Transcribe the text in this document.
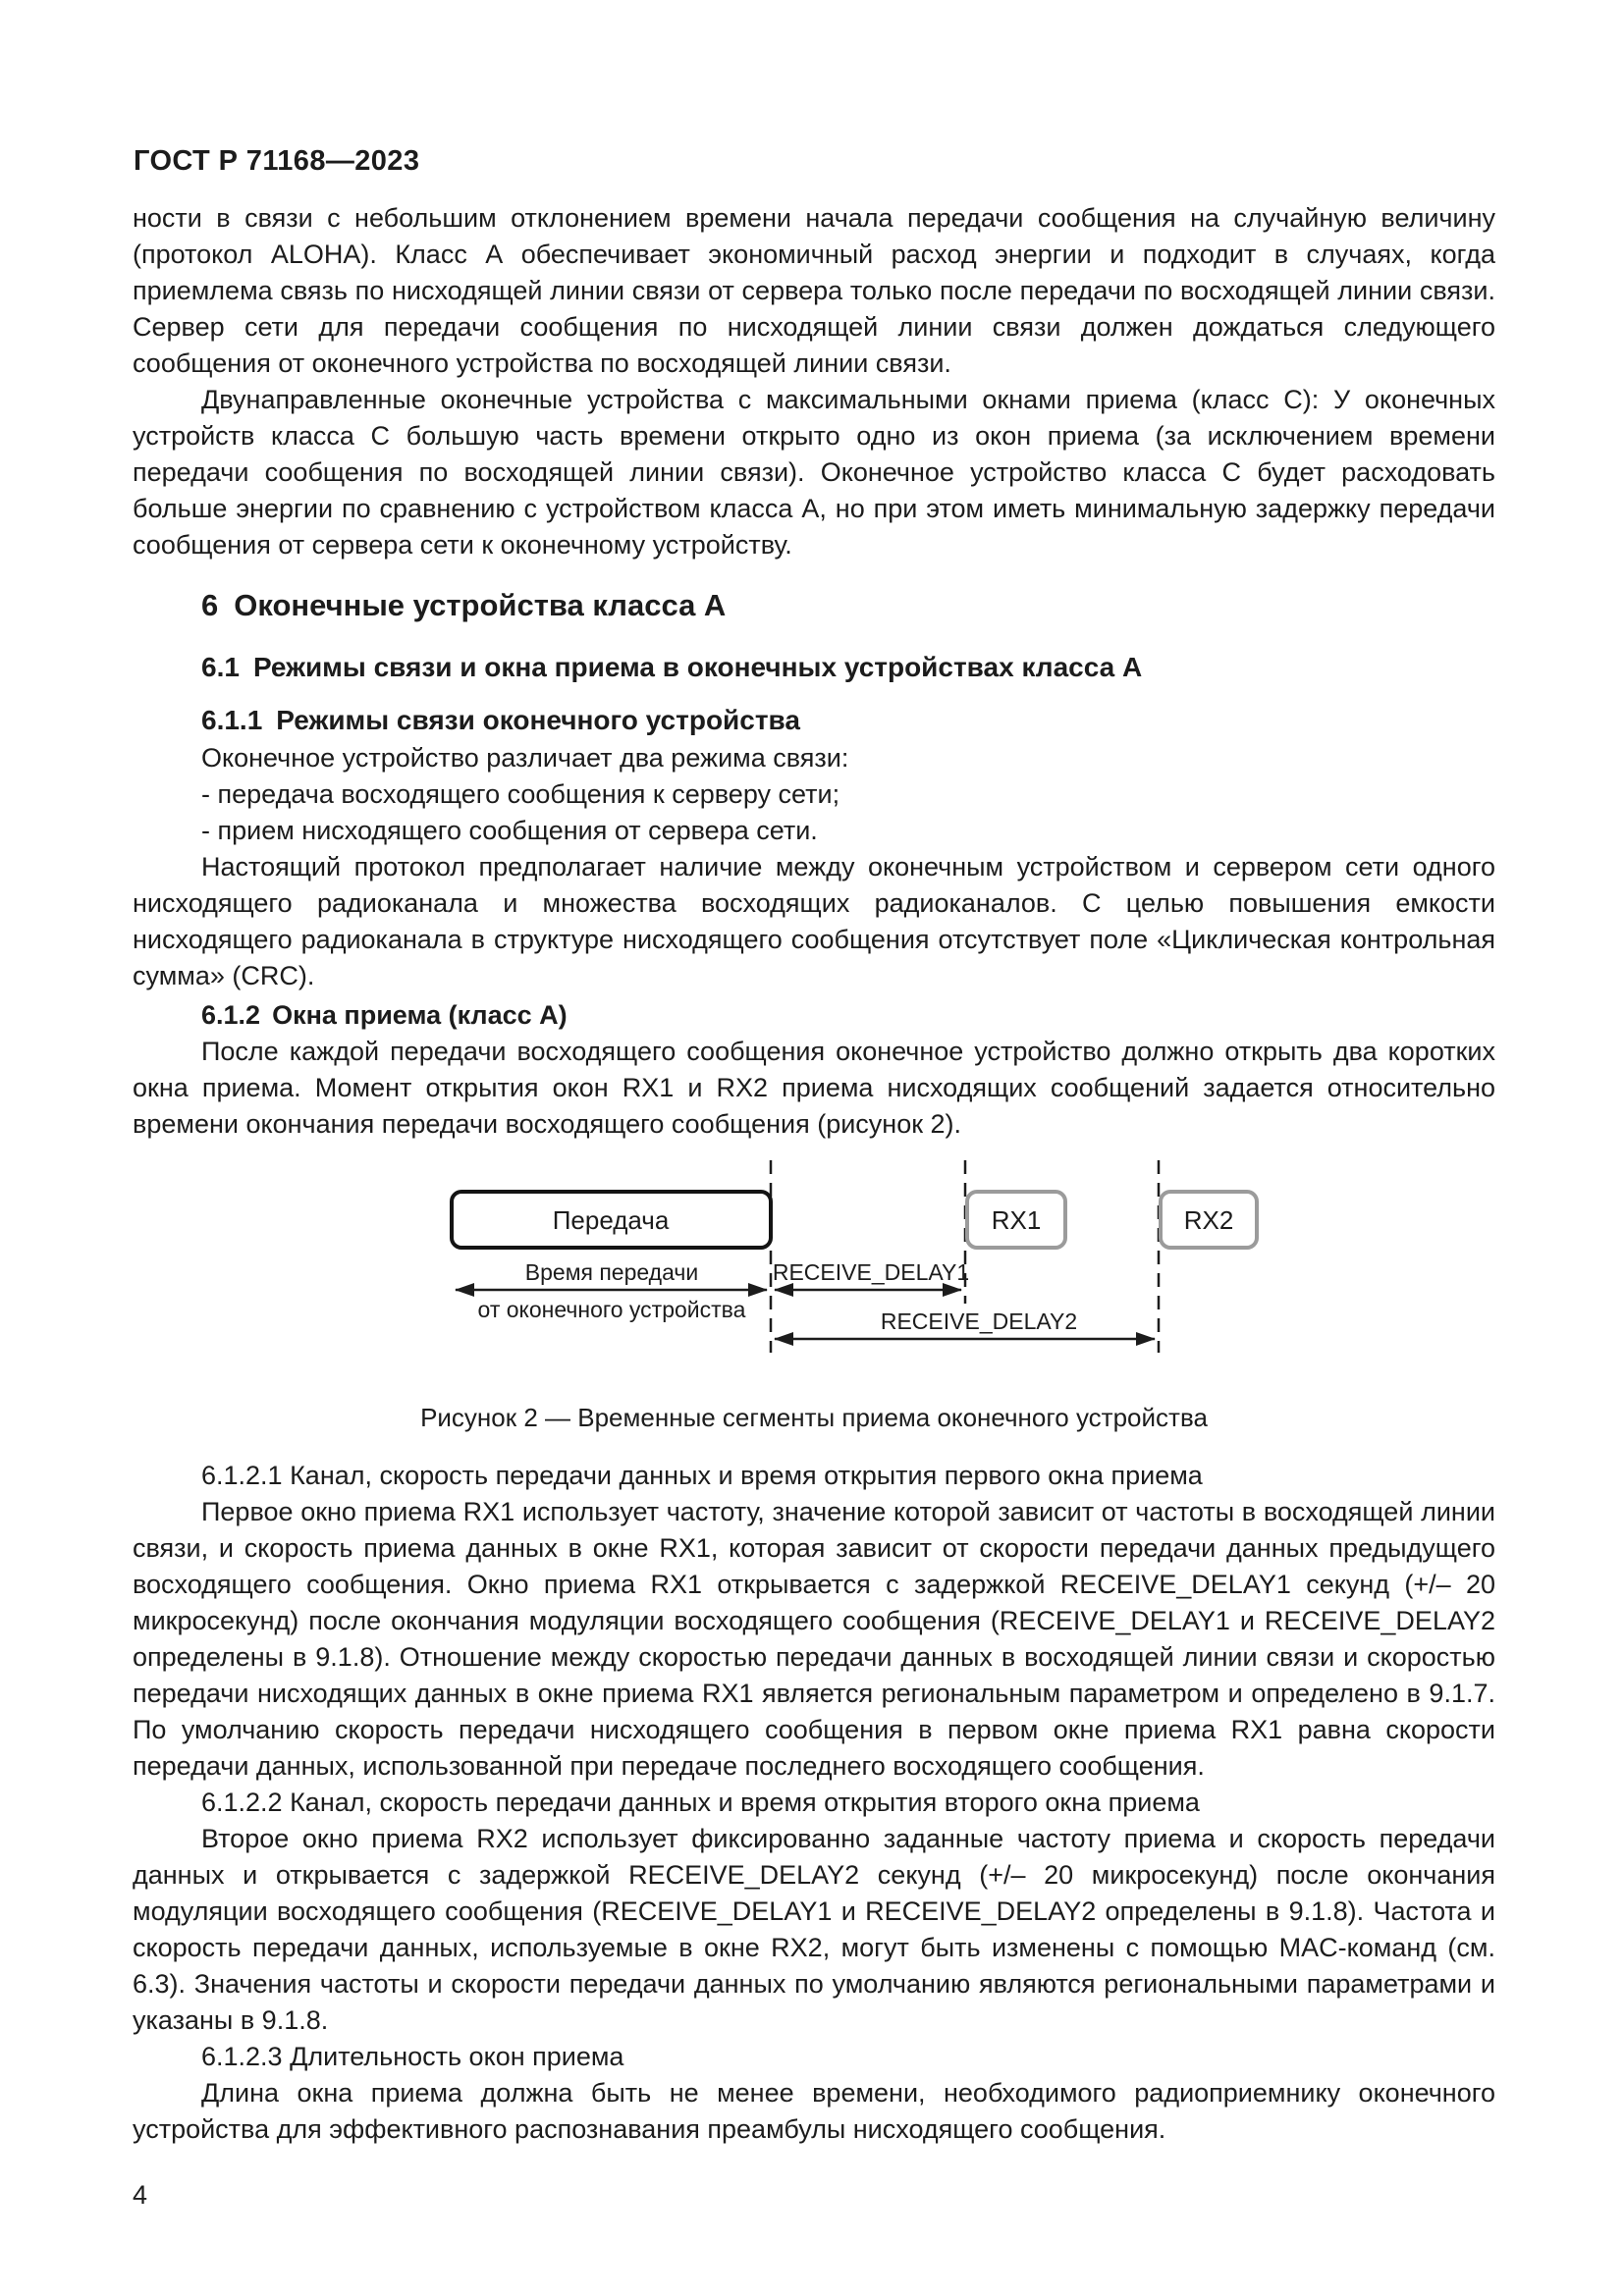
ГОСТ Р 71168—2023

ности в связи с небольшим отклонением времени начала передачи сообщения на случайную величину (протокол ALOHA). Класс А обеспечивает экономичный расход энергии и подходит в случаях, когда приемлема связь по нисходящей линии связи от сервера только после передачи по восходящей линии связи. Сервер сети для передачи сообщения по нисходящей линии связи должен дождаться следующего сообщения от оконечного устройства по восходящей линии связи.

Двунаправленные оконечные устройства с максимальными окнами приема (класс С): У оконечных устройств класса С большую часть времени открыто одно из окон приема (за исключением времени передачи сообщения по восходящей линии связи). Оконечное устройство класса С будет расходовать больше энергии по сравнению с устройством класса А, но при этом иметь минимальную задержку передачи сообщения от сервера сети к оконечному устройству.

6 Оконечные устройства класса А
6.1 Режимы связи и окна приема в оконечных устройствах класса А
6.1.1 Режимы связи оконечного устройства

Оконечное устройство различает два режима связи:

- передача восходящего сообщения к серверу сети;

- прием нисходящего сообщения от сервера сети.

Настоящий протокол предполагает наличие между оконечным устройством и сервером сети одного нисходящего радиоканала и множества восходящих радиоканалов. С целью повышения емкости нисходящего радиоканала в структуре нисходящего сообщения отсутствует поле «Циклическая контрольная сумма» (CRC).

6.1.2 Окна приема (класс А)

После каждой передачи восходящего сообщения оконечное устройство должно открыть два коротких окна приема. Момент открытия окон RX1 и RX2 приема нисходящих сообщений задается относительно времени окончания передачи восходящего сообщения (рисунок 2).

Передача	RX1	RX2
Время передачи
от оконечного устройства
RECEIVE_DELAY1
RECEIVE_DELAY2

Рисунок 2 — Временные сегменты приема оконечного устройства

6.1.2.1 Канал, скорость передачи данных и время открытия первого окна приема

Первое окно приема RX1 использует частоту, значение которой зависит от частоты в восходящей линии связи, и скорость приема данных в окне RX1, которая зависит от скорости передачи данных предыдущего восходящего сообщения. Окно приема RX1 открывается с задержкой RECEIVE_DELAY1 секунд (+/– 20 микросекунд) после окончания модуляции восходящего сообщения (RECEIVE_DELAY1 и RECEIVE_DELAY2 определены в 9.1.8). Отношение между скоростью передачи данных в восходящей линии связи и скоростью передачи нисходящих данных в окне приема RX1 является региональным параметром и определено в 9.1.7. По умолчанию скорость передачи нисходящего сообщения в первом окне приема RX1 равна скорости передачи данных, использованной при передаче последнего восходящего сообщения.

6.1.2.2 Канал, скорость передачи данных и время открытия второго окна приема

Второе окно приема RX2 использует фиксированно заданные частоту приема и скорость передачи данных и открывается с задержкой RECEIVE_DELAY2 секунд (+/– 20 микросекунд) после окончания модуляции восходящего сообщения (RECEIVE_DELAY1 и RECEIVE_DELAY2 определены в 9.1.8). Частота и скорость передачи данных, используемые в окне RX2, могут быть изменены с помощью MAC-команд (см. 6.3). Значения частоты и скорости передачи данных по умолчанию являются региональными параметрами и указаны в 9.1.8.

6.1.2.3 Длительность окон приема

Длина окна приема должна быть не менее времени, необходимого радиоприемнику оконечного устройства для эффективного распознавания преамбулы нисходящего сообщения.

4
